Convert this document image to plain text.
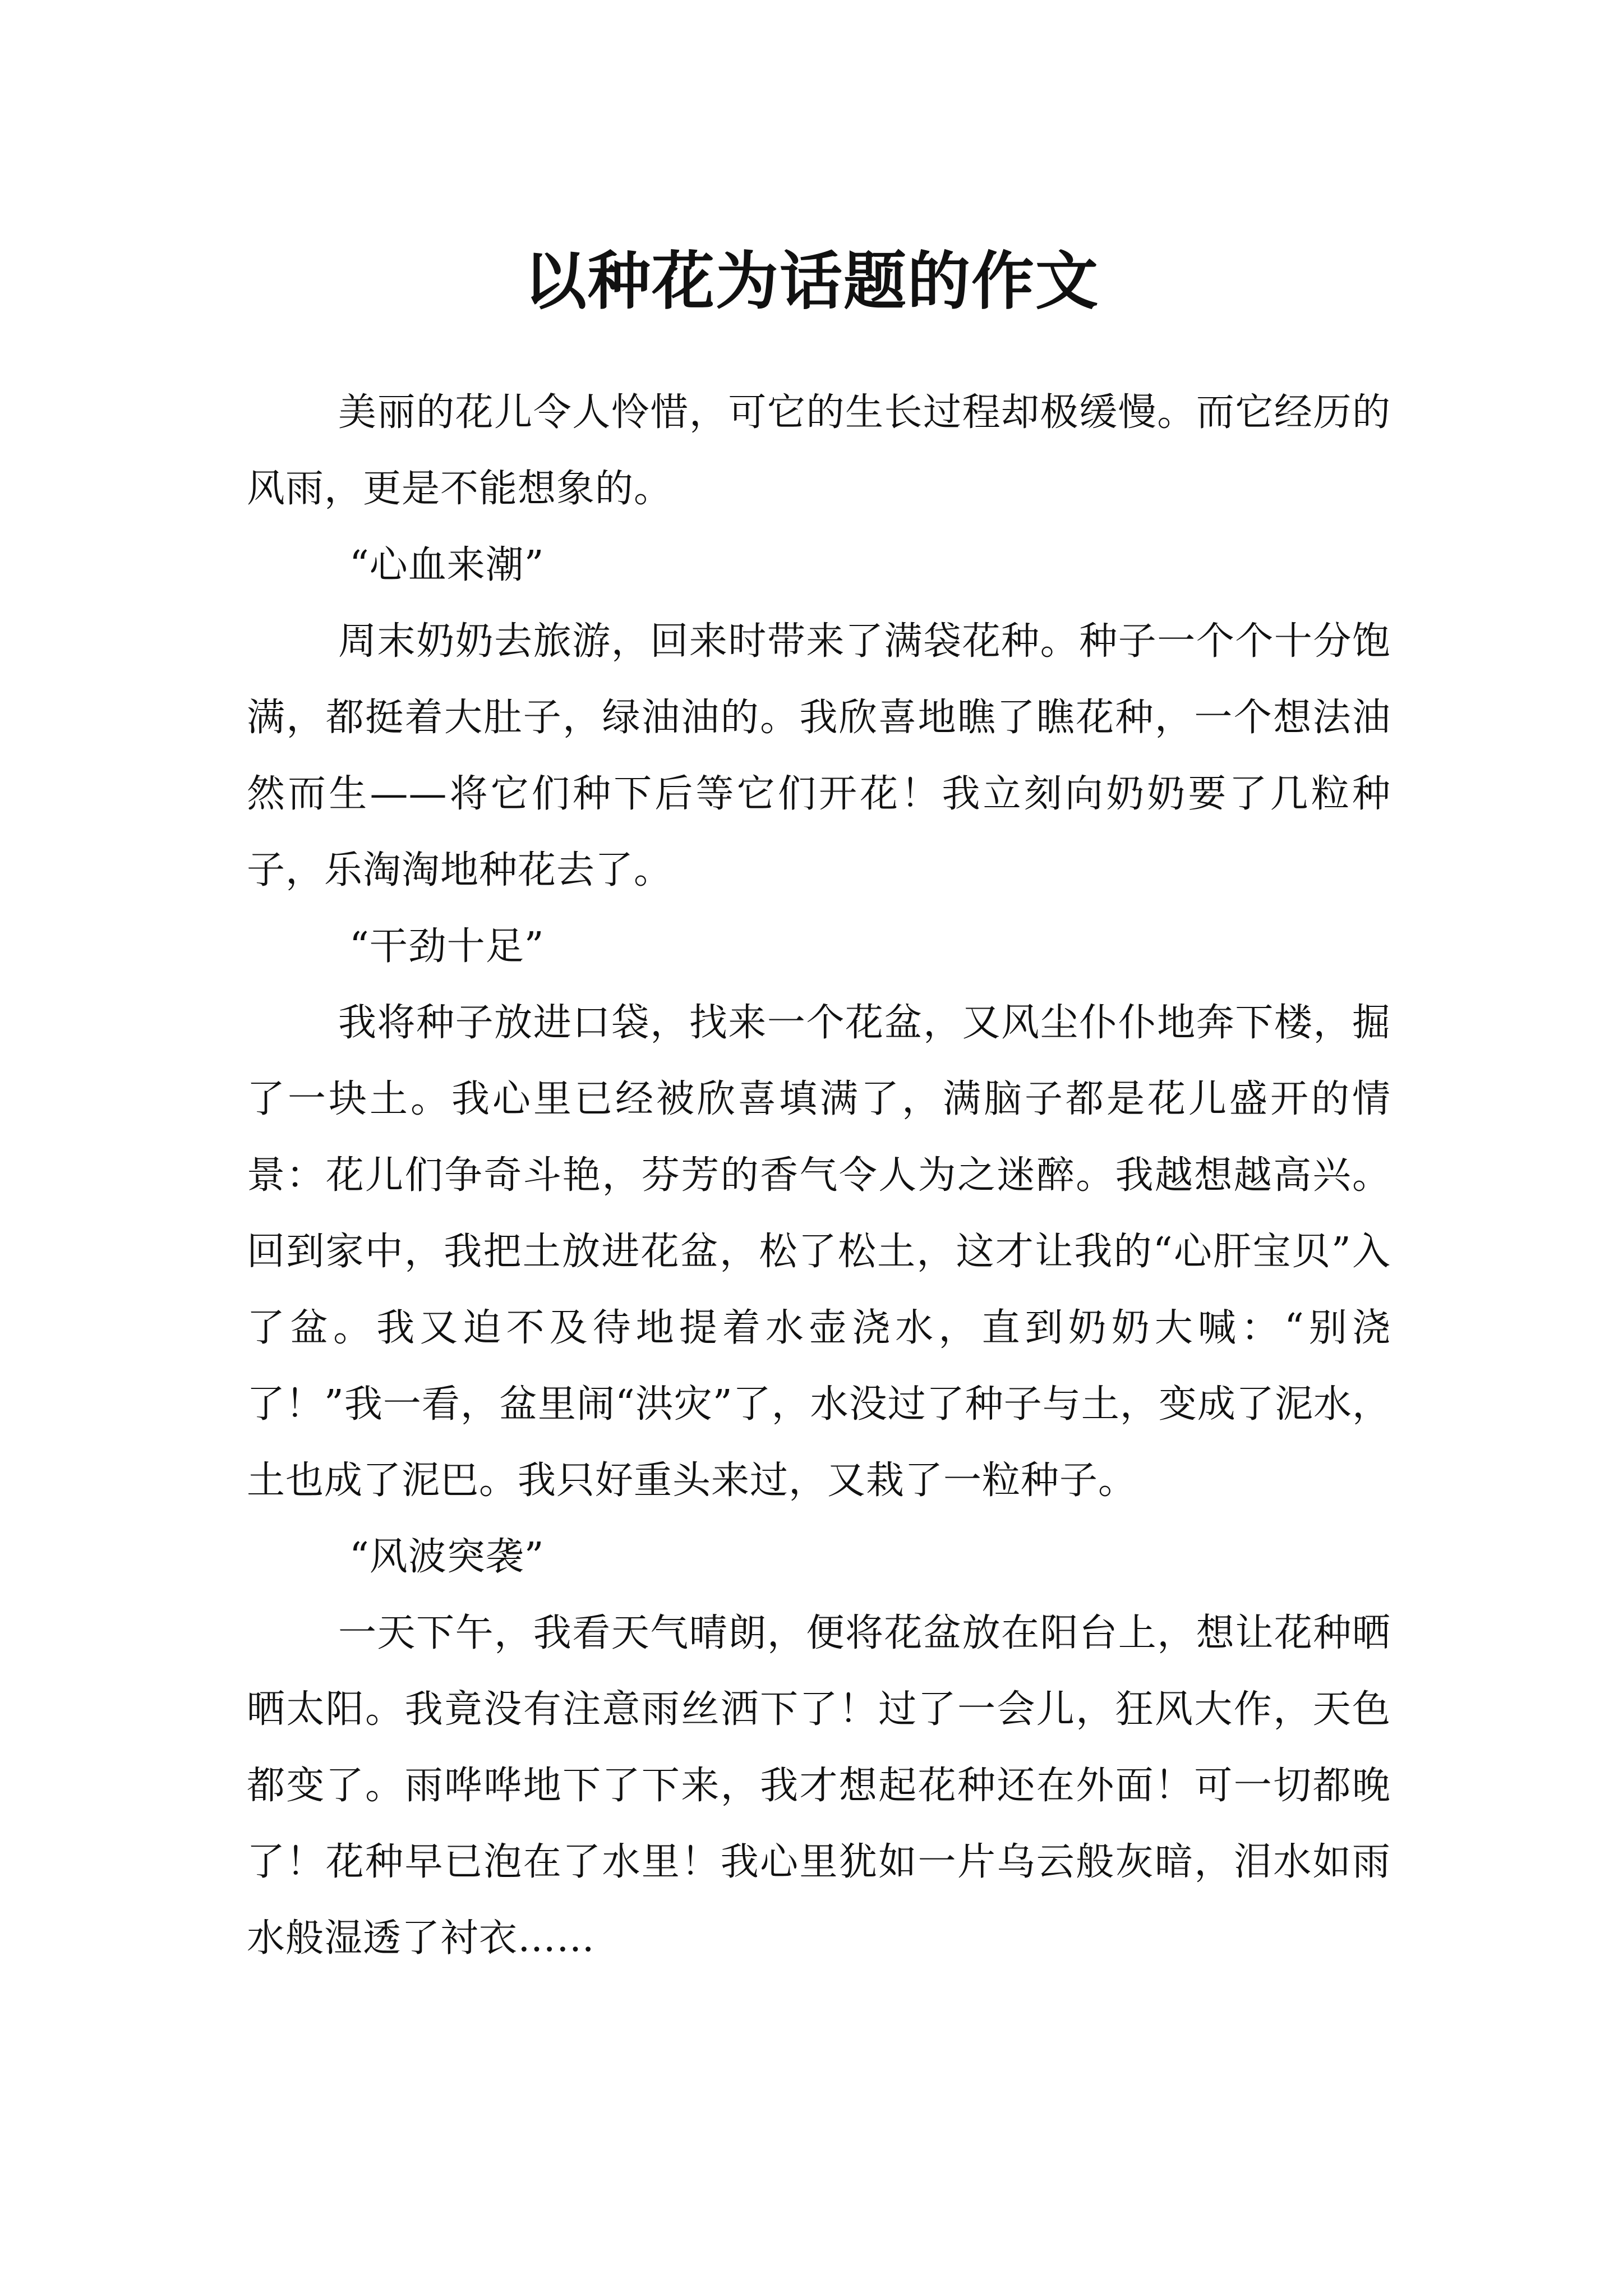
以种花为话题的作文

美丽的花儿令人怜惜，可它的生长过程却极缓慢。而它经历的风雨，更是不能想象的。

“心血来潮”

周末奶奶去旅游，回来时带来了满袋花种。种子一个个十分饱满，都挺着大肚子，绿油油的。我欣喜地瞧了瞧花种，一个想法油然而生——将它们种下后等它们开花！我立刻向奶奶要了几粒种子，乐淘淘地种花去了。

“干劲十足”

我将种子放进口袋，找来一个花盆，又风尘仆仆地奔下楼，掘了一块土。我心里已经被欣喜填满了，满脑子都是花儿盛开的情景：花儿们争奇斗艳，芬芳的香气令人为之迷醉。我越想越高兴。回到家中，我把土放进花盆，松了松土，这才让我的“心肝宝贝”入了盆。我又迫不及待地提着水壶浇水，直到奶奶大喊：“别浇了！”我一看，盆里闹“洪灾”了，水没过了种子与土，变成了泥水，土也成了泥巴。我只好重头来过，又栽了一粒种子。

“风波突袭”

一天下午，我看天气晴朗，便将花盆放在阳台上，想让花种晒晒太阳。我竟没有注意雨丝洒下了！过了一会儿，狂风大作，天色都变了。雨哗哗地下了下来，我才想起花种还在外面！可一切都晚了！花种早已泡在了水里！我心里犹如一片乌云般灰暗，泪水如雨水般湿透了衬衣……
